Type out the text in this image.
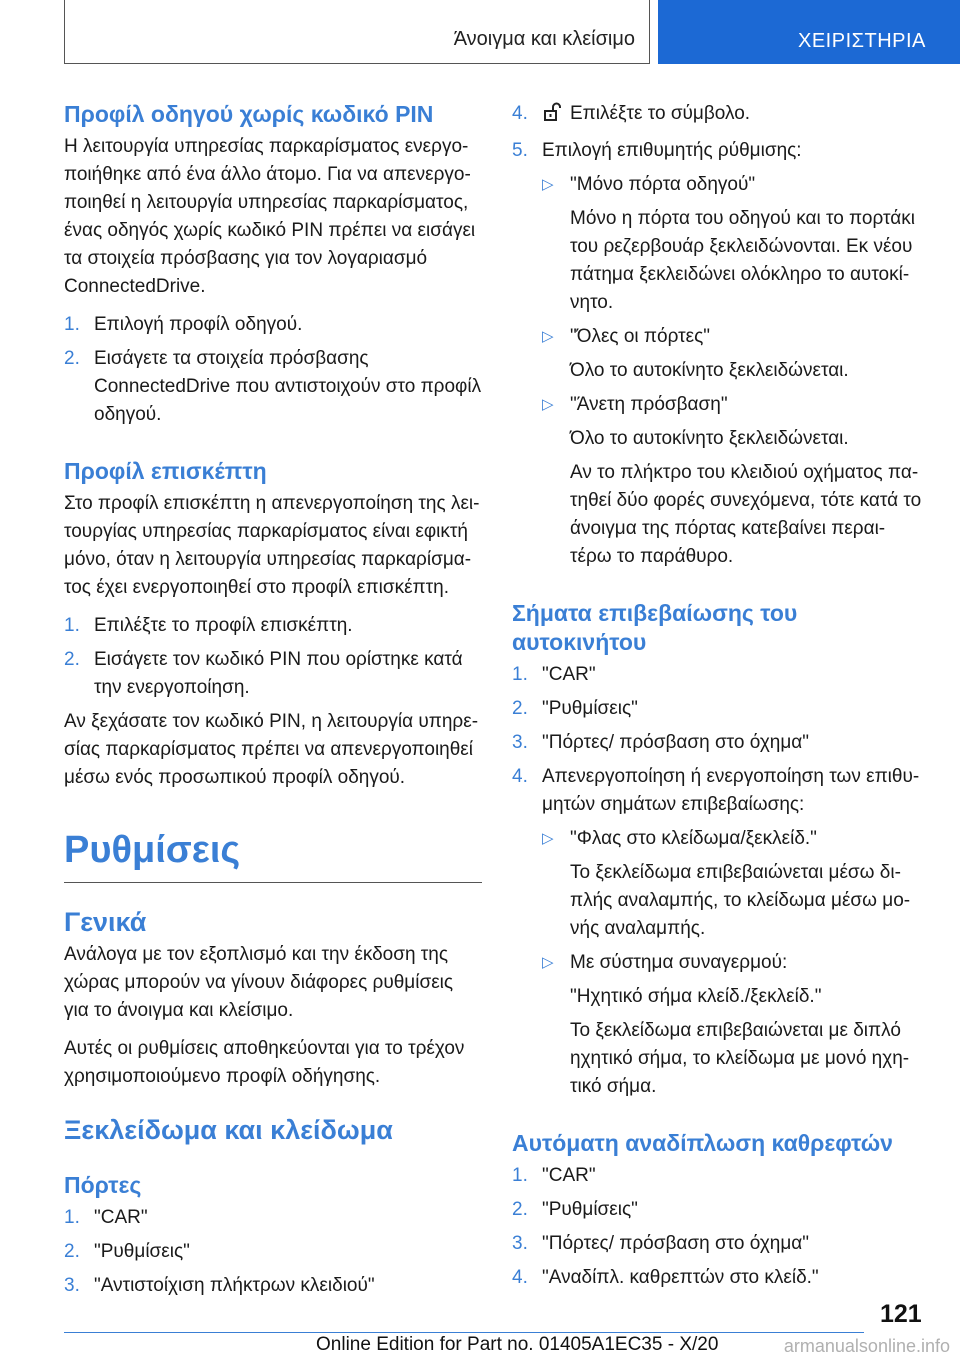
Άνοιγμα και κλείσιμο	ΧΕΙΡΙΣΤΗΡΙΑ
Προφίλ οδηγού χωρίς κωδικό PIN

Η λειτουργία υπηρεσίας παρκαρίσματος ενεργο-ποιήθηκε από ένα άλλο άτομο. Για να απενεργο-ποιηθεί η λειτουργία υπηρεσίας παρκαρίσματος, ένας οδηγός χωρίς κωδικό PIN πρέπει να εισάγει τα στοιχεία πρόσβασης για τον λογαριασμό ConnectedDrive.

1. Επιλογή προφίλ οδηγού.
2. Εισάγετε τα στοιχεία πρόσβασης ConnectedDrive που αντιστοιχούν στο προφίλ οδηγού.
Προφίλ επισκέπτη

Στο προφίλ επισκέπτη η απενεργοποίηση της λει-τουργίας υπηρεσίας παρκαρίσματος είναι εφικτή μόνο, όταν η λειτουργία υπηρεσίας παρκαρίσμα-τος έχει ενεργοποιηθεί στο προφίλ επισκέπτη.

1. Επιλέξτε το προφίλ επισκέπτη.
2. Εισάγετε τον κωδικό PIN που ορίστηκε κατά την ενεργοποίηση.

Αν ξεχάσατε τον κωδικό PIN, η λειτουργία υπηρε-σίας παρκαρίσματος πρέπει να απενεργοποιηθεί μέσω ενός προσωπικού προφίλ οδηγού.

Ρυθμίσεις
Γενικά

Ανάλογα με τον εξοπλισμό και την έκδοση της χώρας μπορούν να γίνουν διάφορες ρυθμίσεις για το άνοιγμα και κλείσιμο.

Αυτές οι ρυθμίσεις αποθηκεύονται για το τρέχον χρησιμοποιούμενο προφίλ οδήγησης.

Ξεκλείδωμα και κλείδωμα
Πόρτες
1. "CAR"
2. "Ρυθμίσεις"
3. "Αντιστοίχιση πλήκτρων κλειδιού"
4. Επιλέξτε το σύμβολο.
5. Επιλογή επιθυμητής ρύθμισης:
▷ "Μόνο πόρτα οδηγού"
Μόνο η πόρτα του οδηγού και το πορτάκι του ρεζερβουάρ ξεκλειδώνονται. Εκ νέου πάτημα ξεκλειδώνει ολόκληρο το αυτοκί-νητο.
▷ "Όλες οι πόρτες"
Όλο το αυτοκίνητο ξεκλειδώνεται.
▷ "Άνετη πρόσβαση"
Όλο το αυτοκίνητο ξεκλειδώνεται.
Αν το πλήκτρο του κλειδιού οχήματος πα-τηθεί δύο φορές συνεχόμενα, τότε κατά το άνοιγμα της πόρτας κατεβαίνει περαι-τέρω το παράθυρο.
Σήματα επιβεβαίωσης του αυτοκινήτου
1. "CAR"
2. "Ρυθμίσεις"
3. "Πόρτες/ πρόσβαση στο όχημα"
4. Απενεργοποίηση ή ενεργοποίηση των επιθυ-μητών σημάτων επιβεβαίωσης:
▷ "Φλας στο κλείδωμα/ξεκλείδ."
Το ξεκλείδωμα επιβεβαιώνεται μέσω δι-πλής αναλαμπής, το κλείδωμα μέσω μο-νής αναλαμπής.
▷ Με σύστημα συναγερμού:
"Ηχητικό σήμα κλείδ./ξεκλείδ."
Το ξεκλείδωμα επιβεβαιώνεται με διπλό ηχητικό σήμα, το κλείδωμα με μονό ηχη-τικό σήμα.
Αυτόματη αναδίπλωση καθρεφτών
1. "CAR"
2. "Ρυθμίσεις"
3. "Πόρτες/ πρόσβαση στο όχημα"
4. "Αναδίπλ. καθρεπτών στο κλείδ."
121
Online Edition for Part no. 01405A1EC35 - X/20	armanualsonline.info
